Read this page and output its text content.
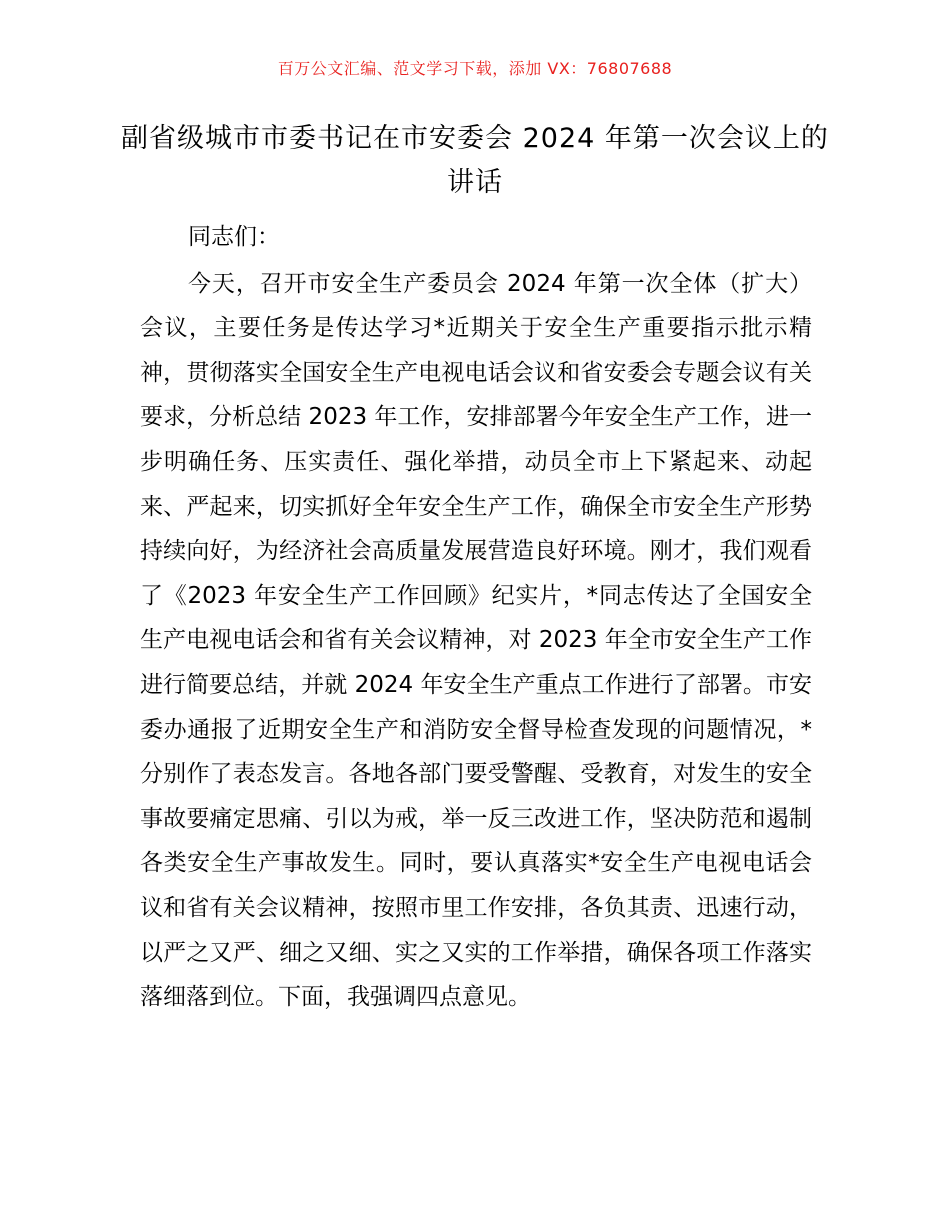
百万公文汇编、范文学习下载，添加 VX：76807688
副省级城市市委书记在市安委会 2024 年第一次会议上的讲话

同志们：

今天，召开市安全生产委员会 2024 年第一次全体（扩大）会议，主要任务是传达学习*近期关于安全生产重要指示批示精神，贯彻落实全国安全生产电视电话会议和省安委会专题会议有关要求，分析总结 2023 年工作，安排部署今年安全生产工作，进一步明确任务、压实责任、强化举措，动员全市上下紧起来、动起来、严起来，切实抓好全年安全生产工作，确保全市安全生产形势持续向好，为经济社会高质量发展营造良好环境。刚才，我们观看了《2023 年安全生产工作回顾》纪实片，*同志传达了全国安全生产电视电话会和省有关会议精神，对 2023 年全市安全生产工作进行简要总结，并就 2024 年安全生产重点工作进行了部署。市安委办通报了近期安全生产和消防安全督导检查发现的问题情况，*分别作了表态发言。各地各部门要受警醒、受教育，对发生的安全事故要痛定思痛、引以为戒，举一反三改进工作，坚决防范和遏制各类安全生产事故发生。同时，要认真落实*安全生产电视电话会议和省有关会议精神，按照市里工作安排，各负其责、迅速行动，以严之又严、细之又细、实之又实的工作举措，确保各项工作落实落细落到位。下面，我强调四点意见。
